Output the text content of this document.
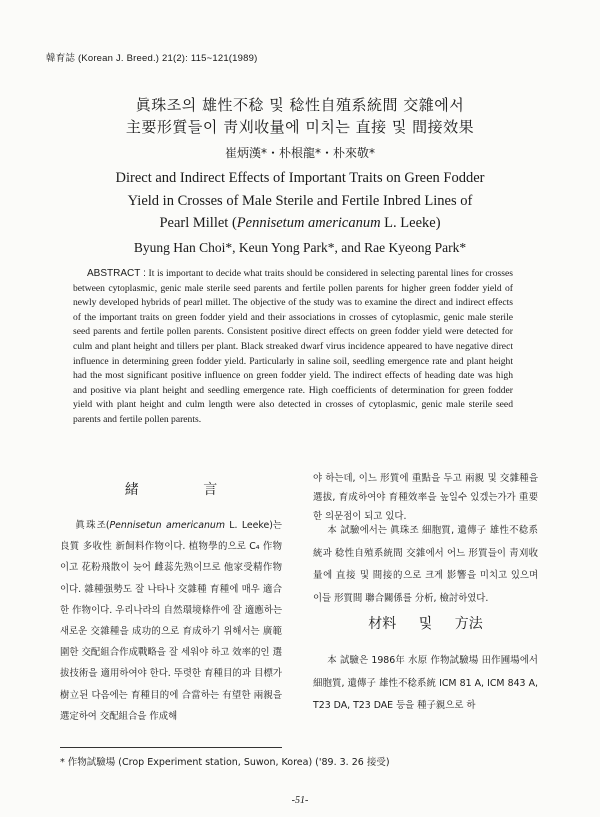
韓育誌 (Korean J. Breed.) 21(2): 115~121(1989)
眞珠조의 雄性不稔 및 稔性自殖系統間 交雜에서
主要形質들이 靑刈收量에 미치는 直接 및 間接效果
崔炳漢*・朴根龍*・朴來敬*
Direct and Indirect Effects of Important Traits on Green Fodder
Yield in Crosses of Male Sterile and Fertile Inbred Lines of
Pearl Millet (Pennisetum americanum L. Leeke)
Byung Han Choi*, Keun Yong Park*, and Rae Kyeong Park*
ABSTRACT : It is important to decide what traits should be considered in selecting parental lines for crosses between cytoplasmic, genic male sterile seed parents and fertile pollen parents for higher green fodder yield of newly developed hybrids of pearl millet. The objective of the study was to examine the direct and indirect effects of the important traits on green fodder yield and their associations in crosses of cytoplasmic, genic male sterile seed parents and fertile pollen parents. Consistent positive direct effects on green fodder yield were detected for culm and plant height and tillers per plant. Black streaked dwarf virus incidence appeared to have negative direct influence in determining green fodder yield. Particularly in saline soil, seedling emergence rate and plant height had the most significant positive influence on green fodder yield. The indirect effects of heading date was high and positive via plant height and seedling emergence rate. High coefficients of determination for green fodder yield with plant height and culm length were also detected in crosses of cytoplasmic, genic male sterile seed parents and fertile pollen parents.
緒 言
眞珠조(Pennisetun americanum L. Leeke)는 良質 多收性 新飼料作物이다. 植物學的으로 C₄ 作物이고 花粉飛散이 늦어 雌蕊先熟이므로 他家受精作物이다. 雜種强勢도 잘 나타나 交雜種 育種에 매우 適合한 作物이다. 우리나라의 自然環境條件에 잘 適應하는 새로운 交雜種을 成功的으로 育成하기 위해서는 廣範圍한 交配組合作成戰略을 잘 세워야 하고 效率的인 選拔技術을 適用하여야 한다. 뚜렷한 育種目的과 目標가 樹立된 다음에는 育種目的에 合當하는 有望한 兩親을 選定하여 交配組合을 作成해
야 하는데, 이느 形質에 重點을 두고 兩親 및 交雜種을 選拔, 育成하여야 育種效率을 높일수 있겠는가가 重要한 의문점이 되고 있다.
本 試驗에서는 眞珠조 細胞質, 遺傳子 雄性不稔系統과 稔性自殖系統間 交雜에서 어느 形質들이 靑刈收量에 直接 및 間接的으로 크게 影響을 미치고 있으며 이들 形質間 聯合關係를 分析, 檢討하였다.
材料 및 方法
本 試驗은 1986年 水原 作物試驗場 田作圃場에서 細胞質, 遺傳子 雄性不稔系統 ICM 81 A, ICM 843 A, T23 DA, T23 DAE 등을 種子親으로 하
* 作物試驗場 (Crop Experiment station, Suwon, Korea) ('89. 3. 26 接受)
-51-
